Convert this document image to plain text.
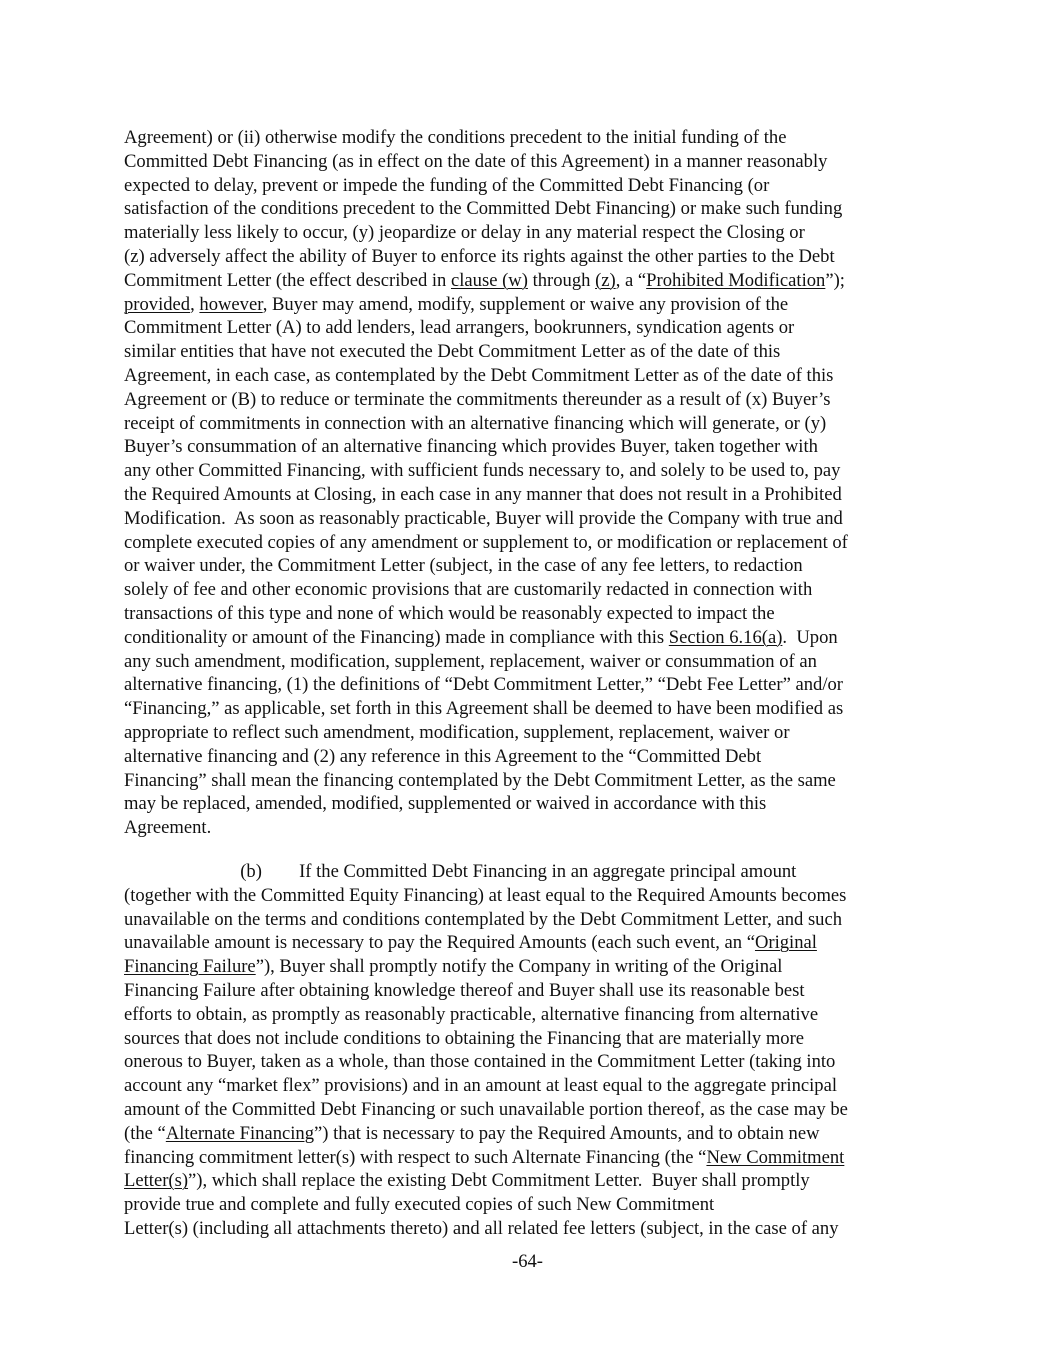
Agreement) or (ii) otherwise modify the conditions precedent to the initial funding of the
Committed Debt Financing (as in effect on the date of this Agreement) in a manner reasonably
expected to delay, prevent or impede the funding of the Committed Debt Financing (or
satisfaction of the conditions precedent to the Committed Debt Financing) or make such funding
materially less likely to occur, (y) jeopardize or delay in any material respect the Closing or
(z) adversely affect the ability of Buyer to enforce its rights against the other parties to the Debt
Commitment Letter (the effect described in clause (w) through (z), a “Prohibited Modification”);
provided, however, Buyer may amend, modify, supplement or waive any provision of the
Commitment Letter (A) to add lenders, lead arrangers, bookrunners, syndication agents or
similar entities that have not executed the Debt Commitment Letter as of the date of this
Agreement, in each case, as contemplated by the Debt Commitment Letter as of the date of this
Agreement or (B) to reduce or terminate the commitments thereunder as a result of (x) Buyer’s
receipt of commitments in connection with an alternative financing which will generate, or (y)
Buyer’s consummation of an alternative financing which provides Buyer, taken together with
any other Committed Financing, with sufficient funds necessary to, and solely to be used to, pay
the Required Amounts at Closing, in each case in any manner that does not result in a Prohibited
Modification.  As soon as reasonably practicable, Buyer will provide the Company with true and
complete executed copies of any amendment or supplement to, or modification or replacement of
or waiver under, the Commitment Letter (subject, in the case of any fee letters, to redaction
solely of fee and other economic provisions that are customarily redacted in connection with
transactions of this type and none of which would be reasonably expected to impact the
conditionality or amount of the Financing) made in compliance with this Section 6.16(a).  Upon
any such amendment, modification, supplement, replacement, waiver or consummation of an
alternative financing, (1) the definitions of “Debt Commitment Letter,” “Debt Fee Letter” and/or
“Financing,” as applicable, set forth in this Agreement shall be deemed to have been modified as
appropriate to reflect such amendment, modification, supplement, replacement, waiver or
alternative financing and (2) any reference in this Agreement to the “Committed Debt
Financing” shall mean the financing contemplated by the Debt Commitment Letter, as the same
may be replaced, amended, modified, supplemented or waived in accordance with this
Agreement.
(b)        If the Committed Debt Financing in an aggregate principal amount
(together with the Committed Equity Financing) at least equal to the Required Amounts becomes
unavailable on the terms and conditions contemplated by the Debt Commitment Letter, and such
unavailable amount is necessary to pay the Required Amounts (each such event, an “Original
Financing Failure”), Buyer shall promptly notify the Company in writing of the Original
Financing Failure after obtaining knowledge thereof and Buyer shall use its reasonable best
efforts to obtain, as promptly as reasonably practicable, alternative financing from alternative
sources that does not include conditions to obtaining the Financing that are materially more
onerous to Buyer, taken as a whole, than those contained in the Commitment Letter (taking into
account any “market flex” provisions) and in an amount at least equal to the aggregate principal
amount of the Committed Debt Financing or such unavailable portion thereof, as the case may be
(the “Alternate Financing”) that is necessary to pay the Required Amounts, and to obtain new
financing commitment letter(s) with respect to such Alternate Financing (the “New Commitment
Letter(s)”), which shall replace the existing Debt Commitment Letter.  Buyer shall promptly
provide true and complete and fully executed copies of such New Commitment
Letter(s) (including all attachments thereto) and all related fee letters (subject, in the case of any
-64-
